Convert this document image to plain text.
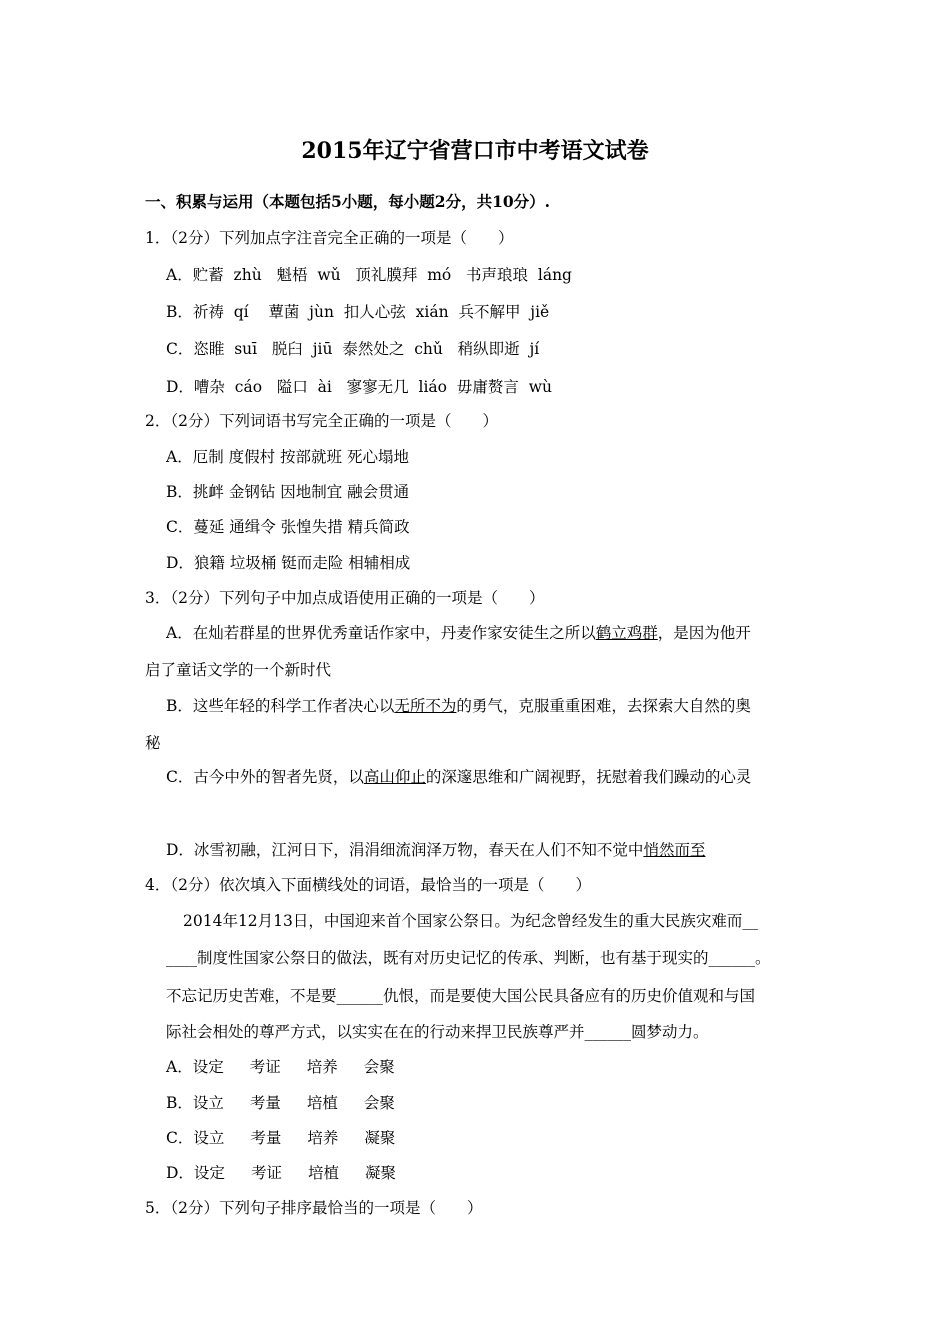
2015年辽宁省营口市中考语文试卷
一、积累与运用（本题包括5小题，每小题2分，共10分）.
1．（2分）下列加点字注音完全正确的一项是（　　）
A．贮蓄  zhù   魁梧  wǔ   顶礼膜拜  mó   书声琅琅  láng
B．祈祷  qí    蕈菌  jùn  扣人心弦  xián  兵不解甲  jiě
C．恣睢  suī   脱臼  jiū  泰然处之  chǔ   稍纵即逝  jí
D．嘈杂  cáo   隘口  ài   寥寥无几  liáo  毋庸赘言  wù
2．（2分）下列词语书写完全正确的一项是（　　）
A．厄制 度假村 按部就班 死心塌地
B．挑衅 金钢钻 因地制宜 融会贯通
C．蔓延 通缉令 张惶失措 精兵简政
D．狼籍 垃圾桶 铤而走险 相辅相成
3．（2分）下列句子中加点成语使用正确的一项是（　　）
A．在灿若群星的世界优秀童话作家中，丹麦作家安徒生之所以鹤立鸡群，是因为他开
启了童话文学的一个新时代
B．这些年轻的科学工作者决心以无所不为的勇气，克服重重困难，去探索大自然的奥
秘
C．古今中外的智者先贤，以高山仰止的深邃思维和广阔视野，抚慰着我们躁动的心灵
D．冰雪初融，江河日下，涓涓细流润泽万物，春天在人们不知不觉中悄然而至
4．（2分）依次填入下面横线处的词语，最恰当的一项是（　　）
2014年12月13日，中国迎来首个国家公祭日。为纪念曾经发生的重大民族灾难而__
____制度性国家公祭日的做法，既有对历史记忆的传承、判断，也有基于现实的______。
不忘记历史苦难，不是要______仇恨，而是要使大国公民具备应有的历史价值观和与国
际社会相处的尊严方式，以实实在在的行动来捍卫民族尊严并______圆梦动力。
A．设定 考证 培养 会聚
B．设立 考量 培植 会聚
C．设立 考量 培养 凝聚
D．设定 考证 培植 凝聚
5．（2分）下列句子排序最恰当的一项是（　　）
